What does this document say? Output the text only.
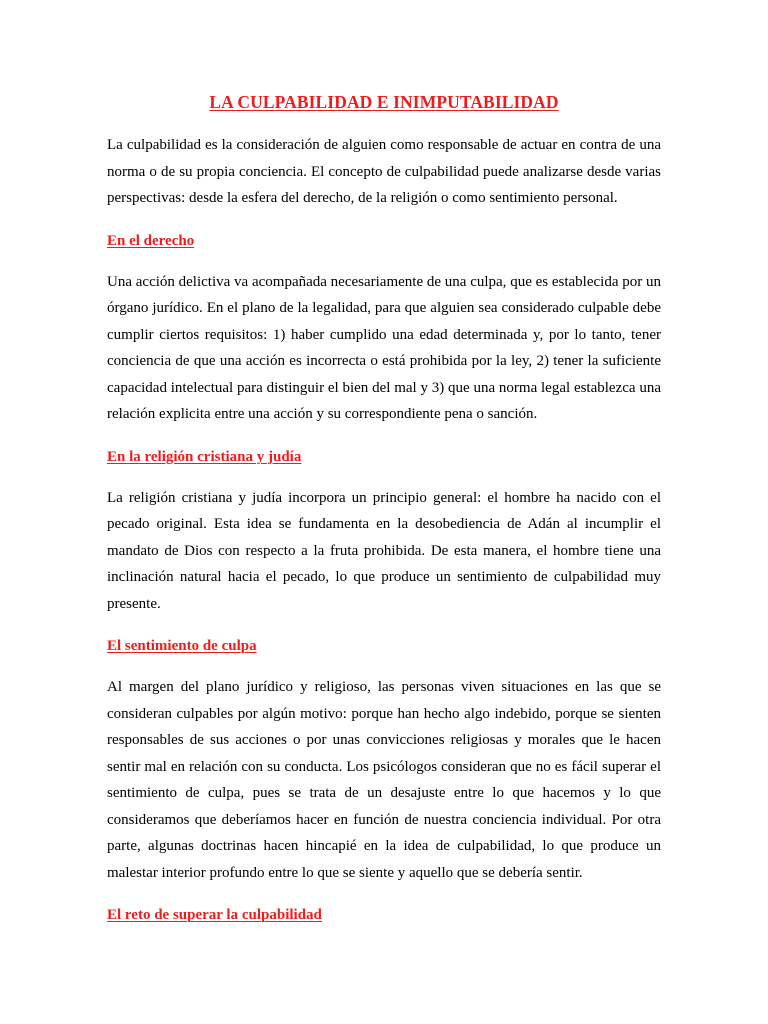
LA CULPABILIDAD E INIMPUTABILIDAD

La culpabilidad es la consideración de alguien como responsable de actuar en contra de una norma o de su propia conciencia. El concepto de culpabilidad puede analizarse desde varias perspectivas: desde la esfera del derecho, de la religión o como sentimiento personal.

En el derecho

Una acción delictiva va acompañada necesariamente de una culpa, que es establecida por un órgano jurídico. En el plano de la legalidad, para que alguien sea considerado culpable debe cumplir ciertos requisitos: 1) haber cumplido una edad determinada y, por lo tanto, tener conciencia de que una acción es incorrecta o está prohibida por la ley, 2) tener la suficiente capacidad intelectual para distinguir el bien del mal y 3) que una norma legal establezca una relación explicita entre una acción y su correspondiente pena o sanción.

En la religión cristiana y judía

La religión cristiana y judía incorpora un principio general: el hombre ha nacido con el pecado original. Esta idea se fundamenta en la desobediencia de Adán al incumplir el mandato de Dios con respecto a la fruta prohibida. De esta manera, el hombre tiene una inclinación natural hacia el pecado, lo que produce un sentimiento de culpabilidad muy presente.

El sentimiento de culpa

Al margen del plano jurídico y religioso, las personas viven situaciones en las que se consideran culpables por algún motivo: porque han hecho algo indebido, porque se sienten responsables de sus acciones o por unas convicciones religiosas y morales que le hacen sentir mal en relación con su conducta. Los psicólogos consideran que no es fácil superar el sentimiento de culpa, pues se trata de un desajuste entre lo que hacemos y lo que consideramos que deberíamos hacer en función de nuestra conciencia individual. Por otra parte, algunas doctrinas hacen hincapié en la idea de culpabilidad, lo que produce un malestar interior profundo entre lo que se siente y aquello que se debería sentir.

El reto de superar la culpabilidad
